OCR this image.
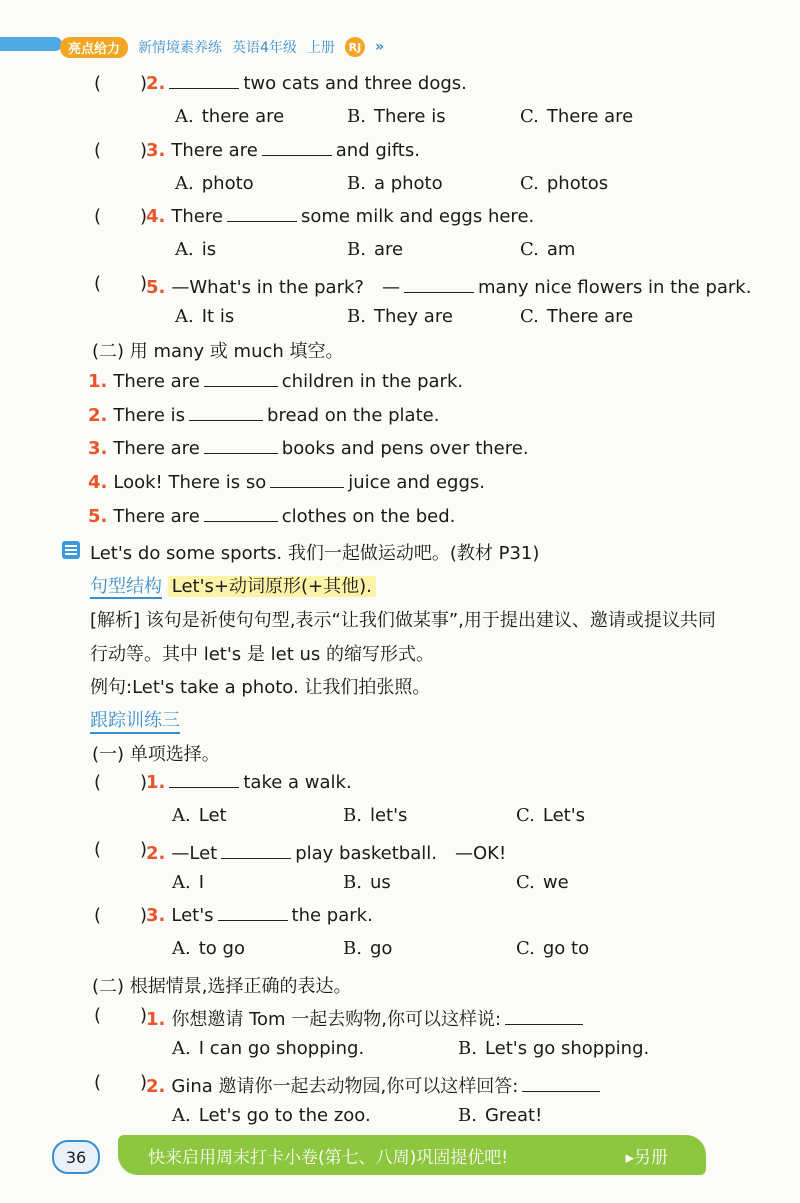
亮点给力	新情境素养练 英语4年级 上册	RJ »
( )
2.	two cats and three dogs.
A. there are	B. There is	C. There are
( )
3. There are	and gifts.
A. photo	B. a photo	C. photos
( )
4. There	some milk and eggs here.
A. is	B. are	C. am
( )
5. —What's in the park?　—	many nice flowers in the park.
A. It is	B. They are	C. There are
(二) 用 many 或 much 填空。
1. There are	children in the park.
2. There is	bread on the plate.
3. There are	books and pens over there.
4. Look! There is so	juice and eggs.
5. There are	clothes on the bed.
Let's do some sports. 我们一起做运动吧。(教材 P31)
句型结构 Let's+动词原形(+其他).
[解析] 该句是祈使句句型,表示“让我们做某事”,用于提出建议、邀请或提议共同
行动等。其中 let's 是 let us 的缩写形式。
例句:Let's take a photo. 让我们拍张照。
跟踪训练三
(一) 单项选择。
( )
1.	take a walk.
A. Let	B. let's	C. Let's
( )
2. —Let	play basketball.　—OK!
A. I	B. us	C. we
( )
3. Let's	the park.
A. to go	B. go	C. go to
(二) 根据情景,选择正确的表达。
( )
1. 你想邀请 Tom 一起去购物,你可以这样说:
A. I can go shopping.	B. Let's go shopping.
( )
2. Gina 邀请你一起去动物园,你可以这样回答:
A. Let's go to the zoo.	B. Great!
36	快来启用周末打卡小卷(第七、八周)巩固提优吧!	▸另册
